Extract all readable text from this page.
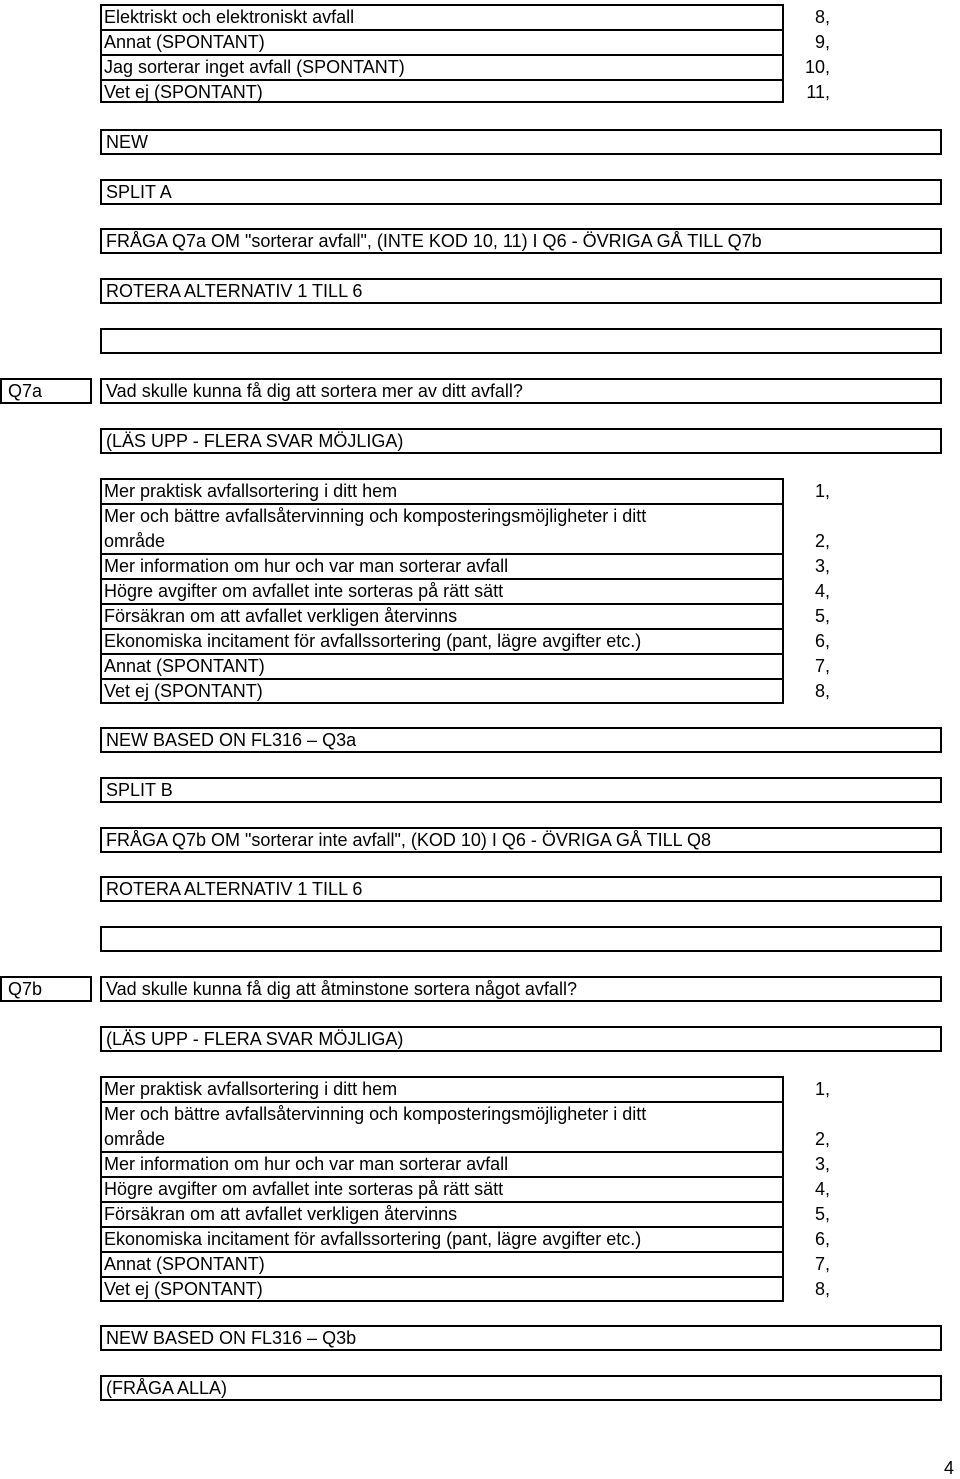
Elektriskt och elektroniskt avfall	8,
Annat (SPONTANT)	9,
Jag sorterar inget avfall (SPONTANT)	10,
Vet ej (SPONTANT)	11,
NEW
SPLIT A
FRÅGA Q7a OM "sorterar avfall", (INTE KOD 10, 11) I Q6 - ÖVRIGA GÅ TILL Q7b
ROTERA ALTERNATIV 1 TILL 6
Q7a	Vad skulle kunna få dig att sortera mer av ditt avfall?
(LÄS UPP - FLERA SVAR MÖJLIGA)
Mer praktisk avfallsortering i ditt hem	1,
Mer och bättre avfallsåtervinning och komposteringsmöjligheter i ditt
område	2,
Mer information om hur och var man sorterar avfall	3,
Högre avgifter om avfallet inte sorteras på rätt sätt	4,
Försäkran om att avfallet verkligen återvinns	5,
Ekonomiska incitament för avfallssortering (pant, lägre avgifter etc.)	6,
Annat (SPONTANT)	7,
Vet ej (SPONTANT)	8,
NEW BASED ON FL316 – Q3a
SPLIT B
FRÅGA Q7b OM "sorterar inte avfall", (KOD 10) I Q6 - ÖVRIGA GÅ TILL Q8
ROTERA ALTERNATIV 1 TILL 6
Q7b	Vad skulle kunna få dig att åtminstone sortera något avfall?
(LÄS UPP - FLERA SVAR MÖJLIGA)
Mer praktisk avfallsortering i ditt hem	1,
Mer och bättre avfallsåtervinning och komposteringsmöjligheter i ditt
område	2,
Mer information om hur och var man sorterar avfall	3,
Högre avgifter om avfallet inte sorteras på rätt sätt	4,
Försäkran om att avfallet verkligen återvinns	5,
Ekonomiska incitament för avfallssortering (pant, lägre avgifter etc.)	6,
Annat (SPONTANT)	7,
Vet ej (SPONTANT)	8,
NEW BASED ON FL316 – Q3b
(FRÅGA ALLA)
4
